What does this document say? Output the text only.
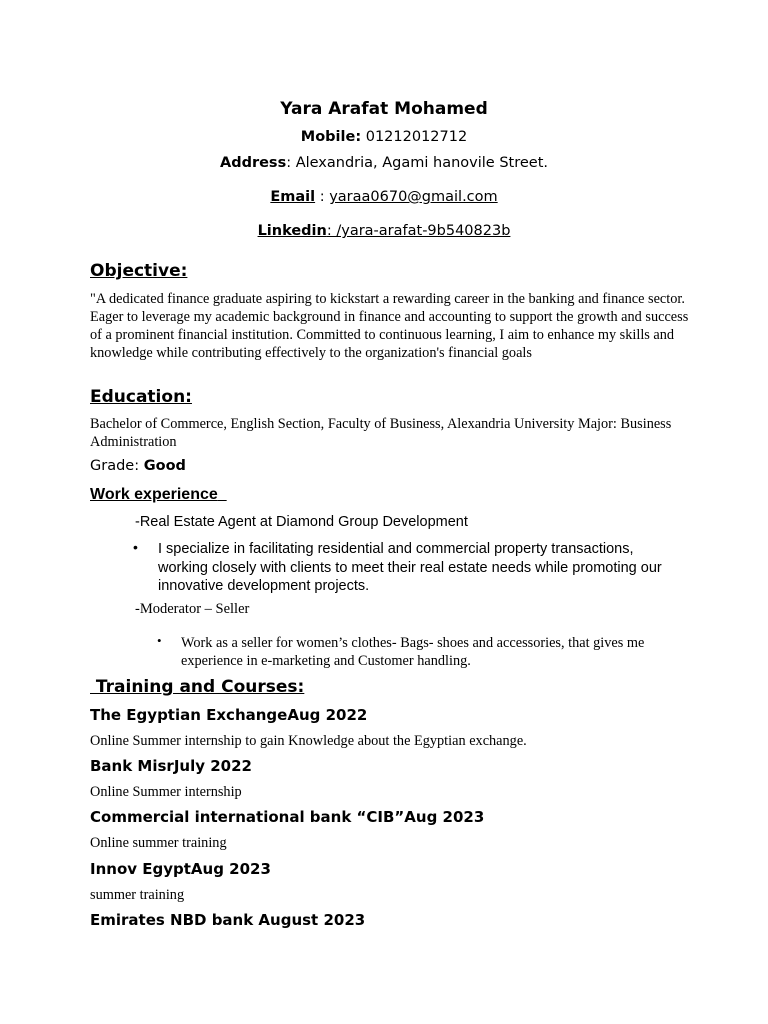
Yara Arafat Mohamed
Mobile: 01212012712
Address: Alexandria, Agami hanovile Street.
Email : yaraa0670@gmail.com
Linkedin: /yara-arafat-9b540823b
Objective:
"A dedicated finance graduate aspiring to kickstart a rewarding career in the banking and finance sector. Eager to leverage my academic background in finance and accounting to support the growth and success of a prominent financial institution. Committed to continuous learning, I aim to enhance my skills and knowledge while contributing effectively to the organization's financial goals
Education:
Bachelor of Commerce, English Section, Faculty of Business, Alexandria University Major: Business Administration
Grade: Good
Work experience
-Real Estate Agent at Diamond Group Development
• I specialize in facilitating residential and commercial property transactions, working closely with clients to meet their real estate needs while promoting our innovative development projects.
-Moderator – Seller
• Work as a seller for women’s clothes- Bags- shoes and accessories, that gives me experience in e-marketing and Customer handling.
Training and Courses:
The Egyptian ExchangeAug 2022
Online Summer internship to gain Knowledge about the Egyptian exchange.
Bank MisrJuly 2022
Online Summer internship
Commercial international bank “CIB”Aug 2023
Online summer training
Innov EgyptAug 2023
summer training
Emirates NBD bank August 2023
